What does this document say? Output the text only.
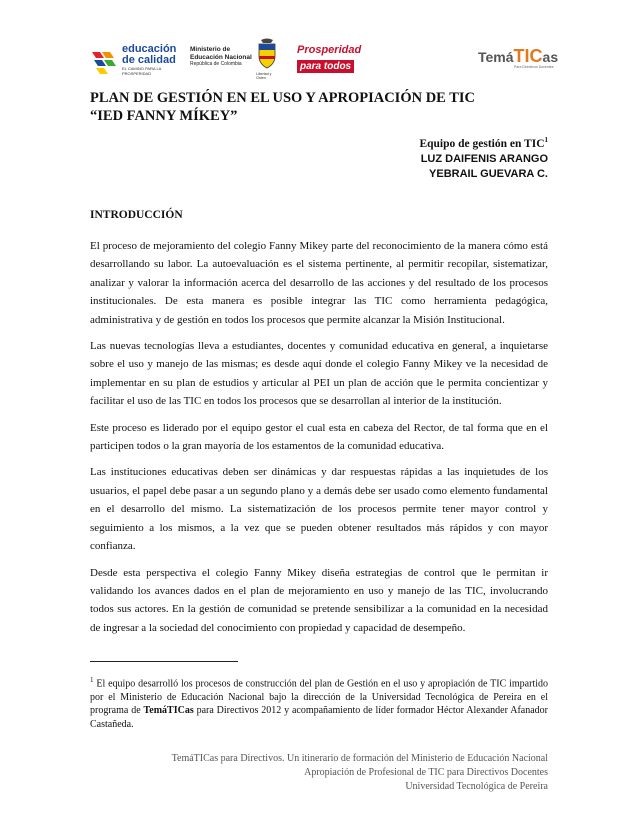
educación
de calidad
EL CAMINO PARA LA PROSPERIDAD
Ministerio de
Educación Nacional
República de Colombia
Libertad y Orden
Prosperidad
para todos
TemáTICas
Para Directivos Docentes
PLAN DE GESTIÓN EN EL USO Y APROPIACIÓN DE TIC
“IED FANNY MÍKEY”
Equipo de gestión en TIC$^1$
LUZ DAIFENIS ARANGO
YEBRAIL GUEVARA C.
INTRODUCCIÓN

El proceso de mejoramiento del colegio Fanny Mikey parte del reconocimiento de la manera cómo está desarrollando su labor. La autoevaluación es el sistema pertinente, al permitir recopilar, sistematizar, analizar y valorar la información acerca del desarrollo de las acciones y del resultado de los procesos institucionales. De esta manera es posible integrar las TIC como herramienta pedagógica, administrativa y de gestión en todos los procesos que permite alcanzar la Misión Institucional.

Las nuevas tecnologías lleva a estudiantes, docentes y comunidad educativa en general, a inquietarse sobre el uso y manejo de las mismas; es desde aquí donde el colegio Fanny Mikey ve la necesidad de implementar en su plan de estudios y articular al PEI un plan de acción que le permita concientizar y facilitar el uso de las TIC en todos los procesos que se desarrollan al interior de la institución.

Este proceso es liderado por el equipo gestor el cual esta en cabeza del Rector, de tal forma que en el participen todos o la gran mayoría de los estamentos de la comunidad educativa.

Las instituciones educativas deben ser dinámicas y dar respuestas rápidas a las inquietudes de los usuarios, el papel debe pasar a un segundo plano y a demás debe ser usado como elemento fundamental en el desarrollo del mismo. La sistematización de los procesos permite tener mayor control y seguimiento a los mismos, a la vez que se pueden obtener resultados más rápidos y con mayor confianza.

Desde esta perspectiva el colegio Fanny Mikey diseña estrategias de control que le permitan ir validando los avances dados en el plan de mejoramiento en uso y manejo de las TIC, involucrando todos sus actores. En la gestión de comunidad se pretende sensibilizar a la comunidad en la necesidad de ingresar a la sociedad del conocimiento con propiedad y capacidad de desempeño.

$^1$ El equipo desarrolló los procesos de construcción del plan de Gestión en el uso y apropiación de TIC impartido por el Ministerio de Educación Nacional bajo la dirección de la Universidad Tecnológica de Pereira en el programa de TemáTICas para Directivos 2012 y acompañamiento de líder formador Héctor Alexander Afanador Castañeda.
TemáTICas para Directivos. Un itinerario de formación del Ministerio de Educación Nacional
Apropiación de Profesional de TIC para Directivos Docentes
Universidad Tecnológica de Pereira
